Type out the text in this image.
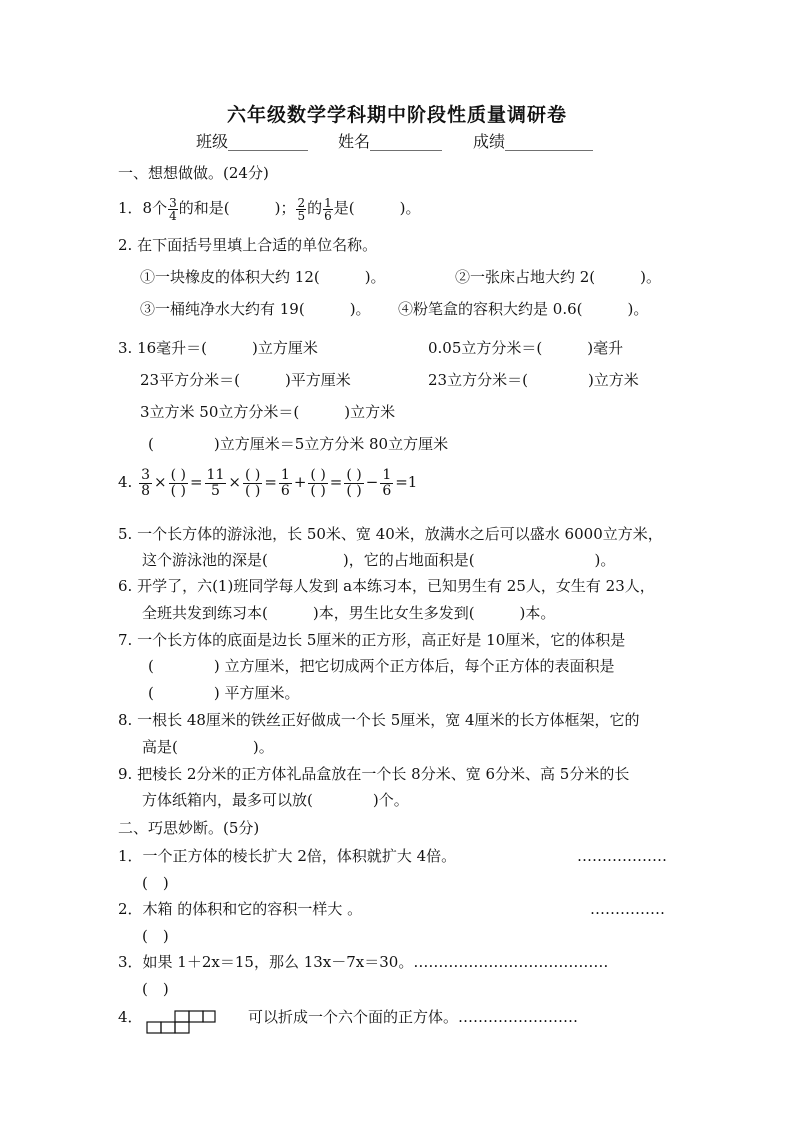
六年级数学学科期中阶段性质量调研卷
班级__________ 姓名_________ 成绩___________
一、想想做做。(24分)
1．8个 $\frac{3}{4}$ 的和是(　　　)； $\frac{2}{5}$ 的 $\frac{1}{6}$ 是(　　　)。
2. 在下面括号里填上合适的单位名称。
①一块橡皮的体积大约 12(　　　)。	②一张床占地大约 2(　　　)。
③一桶纯净水大约有 19(　　　)。 ④粉笔盒的容积大约是 0.6(　　　)。
3. 16毫升＝(　　　)立方厘米	0.05立方分米＝(　　　)毫升
23平方分米＝(　　　)平方厘米	23立方分米＝(　　　　)立方米
3立方米 50立方分米＝(　　　)立方米
(　　　　)立方厘米＝5立方分米 80立方厘米
4. $\frac{3}{8}$ × ( )
( ) = $\frac{11}{5}$ × ( )
( ) = $\frac{1}{6}$ + ( )
( ) = ( )
( ) − $\frac{1}{6} =1$
5. 一个长方体的游泳池，长 50米、宽 40米，放满水之后可以盛水 6000立方米，
这个游泳池的深是(　　　　　)，它的占地面积是(　　　　　　　　)。
6. 开学了，六(1)班同学每人发到 a本练习本，已知男生有 25人，女生有 23人，
全班共发到练习本(　　　)本，男生比女生多发到(　　　)本。
7. 一个长方体的底面是边长 5厘米的正方形，高正好是 10厘米，它的体积是
(　　　　) 立方厘米，把它切成两个正方体后，每个正方体的表面积是
(　　　　) 平方厘米。
8. 一根长 48厘米的铁丝正好做成一个长 5厘米，宽 4厘米的长方体框架，它的
高是(　　　　　)。
9. 把棱长 2分米的正方体礼品盒放在一个长 8分米、宽 6分米、高 5分米的长
方体纸箱内，最多可以放(　　　　)个。
二、巧思妙断。(5分)
1．一个正方体的棱长扩大 2倍，体积就扩大 4倍。	………………
(　)
2．木箱 的体积和它的容积一样大 。	……………
(　)
3．如果 1＋2x＝15，那么 13x－7x＝30。…………………………………
(　)
4．	可以折成一个六个面的正方体。……………………
